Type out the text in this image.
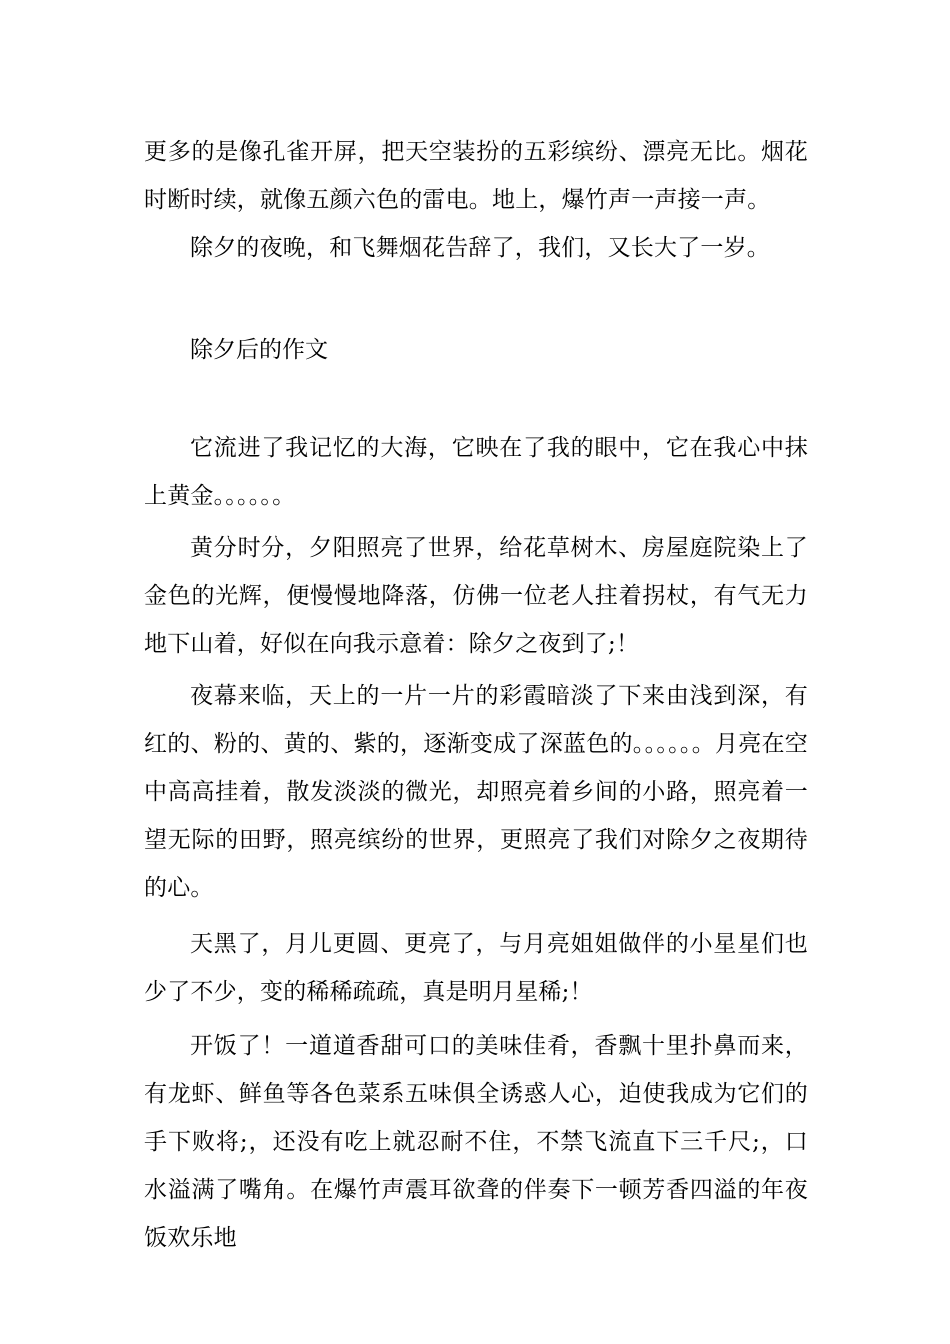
更多的是像孔雀开屏，把天空装扮的五彩缤纷、漂亮无比。烟花时断时续，就像五颜六色的雷电。地上，爆竹声一声接一声。

除夕的夜晚，和飞舞烟花告辞了，我们，又长大了一岁。

除夕后的作文

它流进了我记忆的大海，它映在了我的眼中，它在我心中抹上黄金。。。。。。

黄分时分，夕阳照亮了世界，给花草树木、房屋庭院染上了金色的光辉，便慢慢地降落，仿佛一位老人拄着拐杖，有气无力地下山着，好似在向我示意着：除夕之夜到了;！

夜幕来临，天上的一片一片的彩霞暗淡了下来由浅到深，有红的、粉的、黄的、紫的，逐渐变成了深蓝色的。。。。。。月亮在空中高高挂着，散发淡淡的微光，却照亮着乡间的小路，照亮着一望无际的田野，照亮缤纷的世界，更照亮了我们对除夕之夜期待的心。

天黑了，月儿更圆、更亮了，与月亮姐姐做伴的小星星们也少了不少，变的稀稀疏疏，真是明月星稀;！

开饭了！一道道香甜可口的美味佳肴，香飘十里扑鼻而来，有龙虾、鲜鱼等各色菜系五味俱全诱惑人心，迫使我成为它们的手下败将;，还没有吃上就忍耐不住，不禁飞流直下三千尺;，口水溢满了嘴角。在爆竹声震耳欲聋的伴奏下一顿芳香四溢的年夜饭欢乐地
